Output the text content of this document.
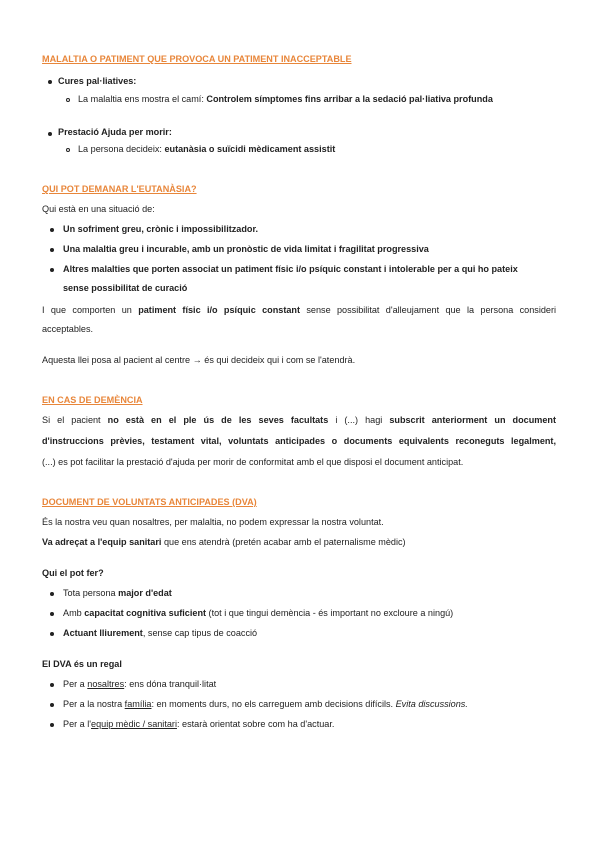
MALALTIA O PATIMENT QUE PROVOCA UN PATIMENT INACCEPTABLE
Cures pal·liatives:
La malaltia ens mostra el camí: Controlem símptomes fins arribar a la sedació pal·liativa profunda
Prestació Ajuda per morir:
La persona decideix: eutanàsia o suïcidi mèdicament assistit
QUI POT DEMANAR L'EUTANÀSIA?
Qui està en una situació de:
Un sofriment greu, crònic i impossibilitzador.
Una malaltia greu i incurable, amb un pronòstic de vida limitat i fragilitat progressiva
Altres malalties que porten associat un patiment físic i/o psíquic constant i intolerable per a qui ho pateix
sense possibilitat de curació
I que comporten un patiment físic i/o psíquic constant sense possibilitat d'alleujament que la persona consideri
acceptables.
Aquesta llei posa al pacient al centre → és qui decideix qui i com se l'atendrà.
EN CAS DE DEMÈNCIA
Si el pacient no està en el ple ús de les seves facultats i (...) hagi subscrit anteriorment un document
d'instruccions prèvies, testament vital, voluntats anticipades o documents equivalents reconeguts legalment,
(...) es pot facilitar la prestació d'ajuda per morir de conformitat amb el que disposi el document anticipat.
DOCUMENT DE VOLUNTATS ANTICIPADES (DVA)
És la nostra veu quan nosaltres, per malaltia, no podem expressar la nostra voluntat.
Va adreçat a l'equip sanitari que ens atendrà (pretén acabar amb el paternalisme mèdic)
Qui el pot fer?
Tota persona major d'edat
Amb capacitat cognitiva suficient (tot i que tingui demència - és important no excloure a ningú)
Actuant lliurement, sense cap tipus de coacció
El DVA és un regal
Per a nosaltres: ens dóna tranquil·litat
Per a la nostra família: en moments durs, no els carreguem amb decisions difícils. Evita discussions.
Per a l'equip mèdic / sanitari: estarà orientat sobre com ha d'actuar.
